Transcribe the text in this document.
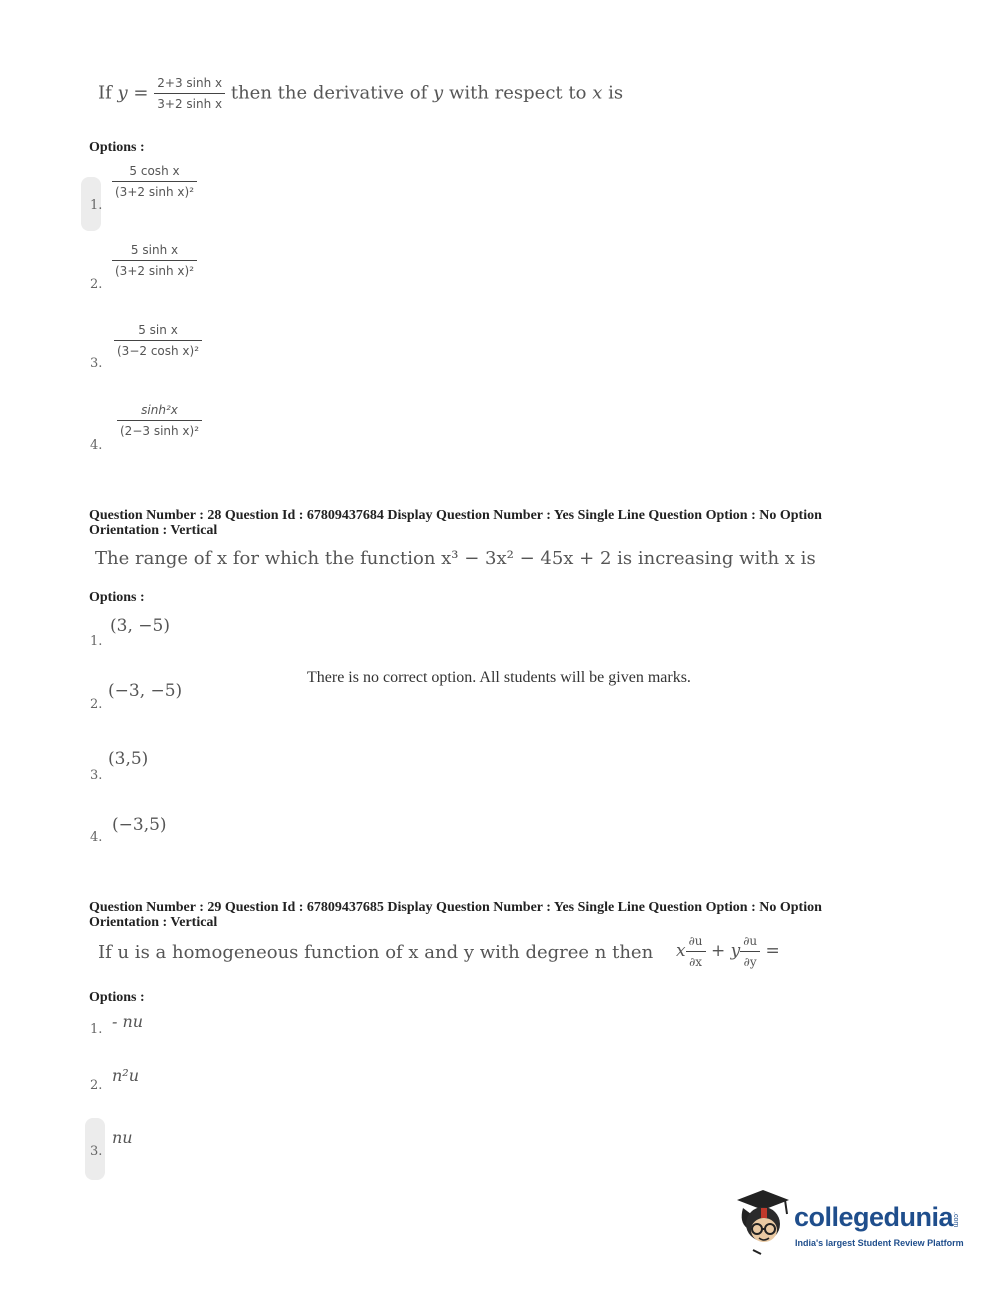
If $y = \frac{\text{2+3 sinh x}}{\text{3+2 sinh x}}$ then the derivative of y with respect to x is
Options :
1.
$\frac{\text{5 cosh x}}{\text{(3+2 sinh x)²}}$
2.
$\frac{\text{5 sinh x}}{\text{(3+2 sinh x)²}}$
3.
$\frac{\text{5 sin x}}{\text{(3−2 cosh x)²}}$
4.
$\frac{\text{sinh²x}}{\text{(2−3 sinh x)²}}$
Question Number : 28 Question Id : 67809437684 Display Question Number : Yes Single Line Question Option : No Option
Orientation : Vertical
The range of x for which the function x³ − 3x² − 45x + 2 is increasing with x is
Options :
1.
(3, −5)
2.
(−3, −5)
There is no correct option. All students will be given marks.
3.
(3,5)
4.
(−3,5)
Question Number : 29 Question Id : 67809437685 Display Question Number : Yes Single Line Question Option : No Option
Orientation : Vertical
If u is a homogeneous function of x and y with degree n then x $\frac{\partial u}{\partial x} + y \frac{\partial u}{\partial y}$ =
Options :
1. - nu
2.
n²u
3.
nu
collegedunia
.com
India's largest Student Review Platform
